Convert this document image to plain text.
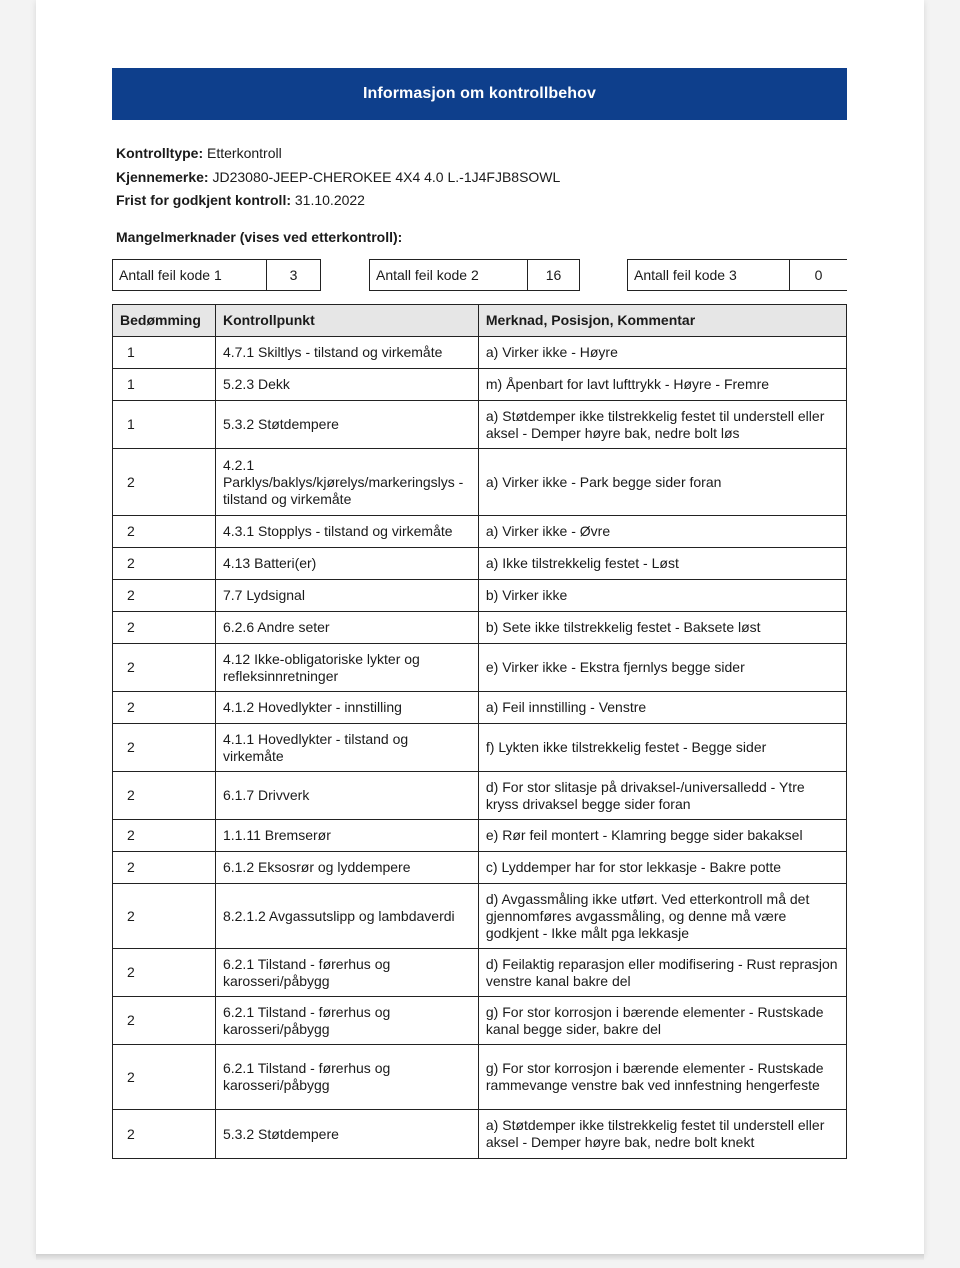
Informasjon om kontrollbehov
Kontrolltype: Etterkontroll
Kjennemerke: JD23080-JEEP-CHEROKEE 4X4 4.0 L.-1J4FJB8SOWL
Frist for godkjent kontroll: 31.10.2022
Mangelmerknader (vises ved etterkontroll):
Antall feil kode 1	3	Antall feil kode 2	16	Antall feil kode 3	0
Bedømming	Kontrollpunkt	Merknad, Posisjon, Kommentar
1	4.7.1 Skiltlys - tilstand og virkemåte	a) Virker ikke - Høyre
1	5.2.3 Dekk	m) Åpenbart for lavt lufttrykk - Høyre - Fremre
1	5.3.2 Støtdempere	a) Støtdemper ikke tilstrekkelig festet til understell eller aksel - Demper høyre bak, nedre bolt løs
2	4.2.1 Parklys/baklys/kjørelys/markeringslys - tilstand og virkemåte	a) Virker ikke - Park begge sider foran
2	4.3.1 Stopplys - tilstand og virkemåte	a) Virker ikke - Øvre
2	4.13 Batteri(er)	a) Ikke tilstrekkelig festet - Løst
2	7.7 Lydsignal	b) Virker ikke
2	6.2.6 Andre seter	b) Sete ikke tilstrekkelig festet - Baksete løst
2	4.12 Ikke-obligatoriske lykter og refleksinnretninger	e) Virker ikke - Ekstra fjernlys begge sider
2	4.1.2 Hovedlykter - innstilling	a) Feil innstilling - Venstre
2	4.1.1 Hovedlykter - tilstand og virkemåte	f) Lykten ikke tilstrekkelig festet - Begge sider
2	6.1.7 Drivverk	d) For stor slitasje på drivaksel-/universalledd - Ytre kryss drivaksel begge sider foran
2	1.1.11 Bremserør	e) Rør feil montert - Klamring begge sider bakaksel
2	6.1.2 Eksosrør og lyddempere	c) Lyddemper har for stor lekkasje - Bakre potte
2	8.2.1.2 Avgassutslipp og lambdaverdi	d) Avgassmåling ikke utført. Ved etterkontroll må det gjennomføres avgassmåling, og denne må være godkjent - Ikke målt pga lekkasje
2	6.2.1 Tilstand - førerhus og karosseri/påbygg	d) Feilaktig reparasjon eller modifisering - Rust reprasjon venstre kanal bakre del
2	6.2.1 Tilstand - førerhus og karosseri/påbygg	g) For stor korrosjon i bærende elementer - Rustskade kanal begge sider, bakre del
2	6.2.1 Tilstand - førerhus og karosseri/påbygg	g) For stor korrosjon i bærende elementer - Rustskade rammevange venstre bak ved innfestning hengerfeste
2	5.3.2 Støtdempere	a) Støtdemper ikke tilstrekkelig festet til understell eller aksel - Demper høyre bak, nedre bolt knekt
